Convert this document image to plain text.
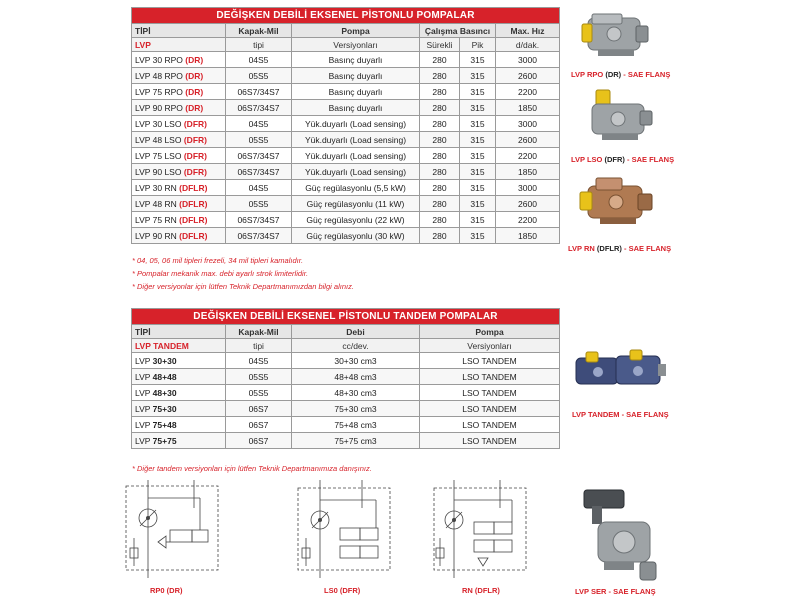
DEĞİŞKEN DEBİLİ EKSENEL PİSTONLU POMPALAR					
TİPİ	Kapak-Mil	Pompa	Çalışma Basıncı		Max. Hız
LVP	tipi	Versiyonları	Sürekli	Pik	d/dak.
LVP 30 RPO (DR)	04S5	Basınç duyarlı	280	315	3000
LVP 48 RPO (DR)	05S5	Basınç duyarlı	280	315	2600
LVP 75 RPO (DR)	06S7/34S7	Basınç duyarlı	280	315	2200
LVP 90 RPO (DR)	06S7/34S7	Basınç duyarlı	280	315	1850
LVP 30 LSO (DFR)	04S5	Yük.duyarlı (Load sensing)	280	315	3000
LVP 48 LSO (DFR)	05S5	Yük.duyarlı (Load sensing)	280	315	2600
LVP 75 LSO (DFR)	06S7/34S7	Yük.duyarlı (Load sensing)	280	315	2200
LVP 90 LSO (DFR)	06S7/34S7	Yük.duyarlı (Load sensing)	280	315	1850
LVP 30 RN (DFLR)	04S5	Güç regülasyonlu (5,5 kW)	280	315	3000
LVP 48 RN (DFLR)	05S5	Güç regülasyonlu (11 kW)	280	315	2600
LVP 75 RN (DFLR)	06S7/34S7	Güç regülasyonlu (22 kW)	280	315	2200
LVP 90 RN (DFLR)	06S7/34S7	Güç regülasyonlu (30 kW)	280	315	1850
* 04, 05, 06 mil tipleri frezeli, 34 mil tipleri kamalıdır.
* Pompalar mekanik max. debi ayarlı strok limiterlidir.
* Diğer versiyonlar için lütfen Teknik Departmanımızdan bilgi alınız.
DEĞİŞKEN DEBİLİ EKSENEL PİSTONLU TANDEM POMPALAR			
TİPİ	Kapak-Mil	Debi	Pompa
LVP TANDEM	tipi	cc/dev.	Versiyonları
LVP 30+30	04S5	30+30 cm3	LSO TANDEM
LVP 48+48	05S5	48+48 cm3	LSO TANDEM
LVP 48+30	05S5	48+30 cm3	LSO TANDEM
LVP 75+30	06S7	75+30 cm3	LSO TANDEM
LVP 75+48	06S7	75+48 cm3	LSO TANDEM
LVP 75+75	06S7	75+75 cm3	LSO TANDEM
* Diğer tandem versiyonları için lütfen Teknik Departmanımıza danışınız.
LVP RPO (DR) - SAE FLANŞ
LVP LSO (DFR) - SAE FLANŞ
LVP RN (DFLR) - SAE FLANŞ
LVP TANDEM - SAE FLANŞ
LVP SER - SAE FLANŞ
RP0 (DR)	LS0 (DFR)	RN (DFLR)
